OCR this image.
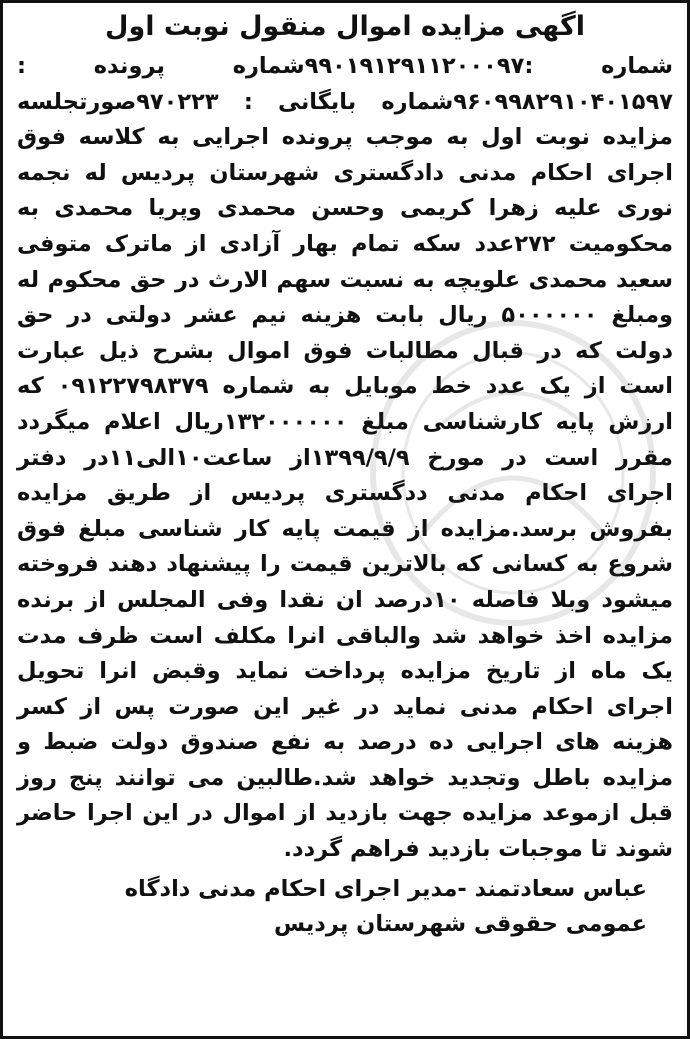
اگهی مزایده اموال منقول نوبت اول
شماره :۹۹۰۱۹۱۲۹۱۱۲۰۰۰۹۷شماره پرونده : ۹۶۰۹۹۸۲۹۱۰۴۰۱۵۹۷شماره بایگانی : ۹۷۰۲۲۳صورتجلسه مزایده نوبت اول به موجب پرونده اجرایی به کلاسه فوق اجرای احکام مدنی دادگستری شهرستان پردیس له نجمه نوری علیه زهرا کریمی وحسن محمدی وپریا محمدی به محکومیت ۲۷۲عدد سکه تمام بهار آزادی از ماترک متوفی سعید محمدی علویچه به نسبت سهم الارث در حق محکوم له ومبلغ ۵۰۰۰۰۰۰ ریال بابت هزینه نیم عشر دولتی در حق دولت که در قبال مطالبات فوق اموال بشرح ذیل عبارت است از یک عدد خط موبایل به شماره ۰۹۱۲۲۷۹۸۳۷۹ که ارزش پایه کارشناسی مبلغ ۱۳۲۰۰۰۰۰۰ریال اعلام میگردد مقرر است در مورخ ۱۳۹۹/۹/۹از ساعت۱۰الی۱۱در دفتر اجرای احکام مدنی ددگستری پردیس از طریق مزایده بفروش برسد.مزایده از قیمت پایه کار شناسی مبلغ فوق شروع به کسانی که بالاترین قیمت را پیشنهاد دهند فروخته میشود وبلا فاصله ۱۰درصد ان نقدا وفی المجلس از برنده مزایده اخذ خواهد شد والباقی انرا مکلف است ظرف مدت یک ماه از تاریخ مزایده پرداخت نماید وقبض انرا تحویل اجرای احکام مدنی نماید در غیر این صورت پس از کسر هزینه های اجرایی ده درصد به نفع صندوق دولت ضبط و مزایده باطل وتجدید خواهد شد.طالبین می توانند پنج روز قبل ازموعد مزایده جهت بازدید از اموال در این اجرا حاضر شوند تا موجبات بازدید فراهم گردد.
عباس سعادتمند -مدیر اجرای احکام مدنی دادگاه
عمومی حقوقی شهرستان پردیس
